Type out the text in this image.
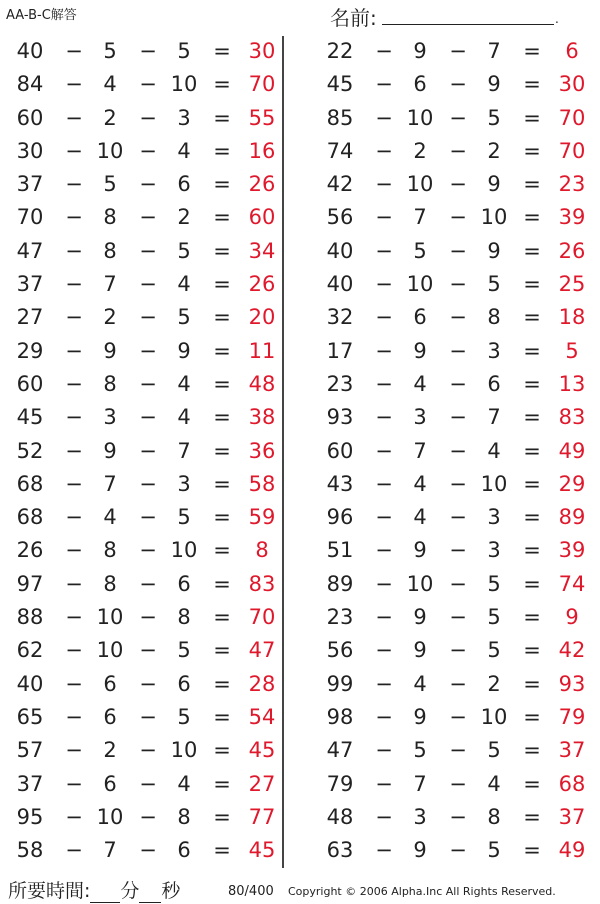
AA-B-C解答	名前:	.
40	− 5	− 5	= 30
84	− 4	− 10 = 70
60	− 2	− 3	= 55
30	− 10 − 4	= 16
37	− 5	− 6	= 26
70	− 8	− 2	= 60
47	− 8	− 5	= 34
37	− 7	− 4	= 26
27	− 2	− 5	= 20
29	− 9	− 9	= 11
60	− 8	− 4	= 48
45	− 3	− 4	= 38
52	− 9	− 7	= 36
68	− 7	− 3	= 58
68	− 4	− 5	= 59
26	− 8	− 10 =	8
97	− 8	− 6	= 83
88	− 10 − 8	= 70
62	− 10 − 5	= 47
40	− 6	− 6	= 28
65	− 6	− 5	= 54
57	− 2	− 10 = 45
37	− 6	− 4	= 27
95	− 10 − 8	= 77
58	− 7	− 6	= 45
22	− 9	− 7	=	6
45	− 6	− 9	= 30
85	− 10 − 5	= 70
74	− 2	− 2	= 70
42	− 10 − 9	= 23
56	− 7	− 10 = 39
40	− 5	− 9	= 26
40	− 10 − 5	= 25
32	− 6	− 8	= 18
17	− 9	− 3	=	5
23	− 4	− 6	= 13
93	− 3	− 7	= 83
60	− 7	− 4	= 49
43	− 4	− 10 = 29
96	− 4	− 3	= 89
51	− 9	− 3	= 39
89	− 10 − 5	= 74
23	− 9	− 5	=	9
56	− 9	− 5	= 42
99	− 4	− 2	= 93
98	− 9	− 10 = 79
47	− 5	− 5	= 37
79	− 7	− 4	= 68
48	− 3	− 8	= 37
63	− 9	− 5	= 49
所要時間: 分 秒	80/400 Copyright © 2006 Alpha.Inc All Rights Reserved.
